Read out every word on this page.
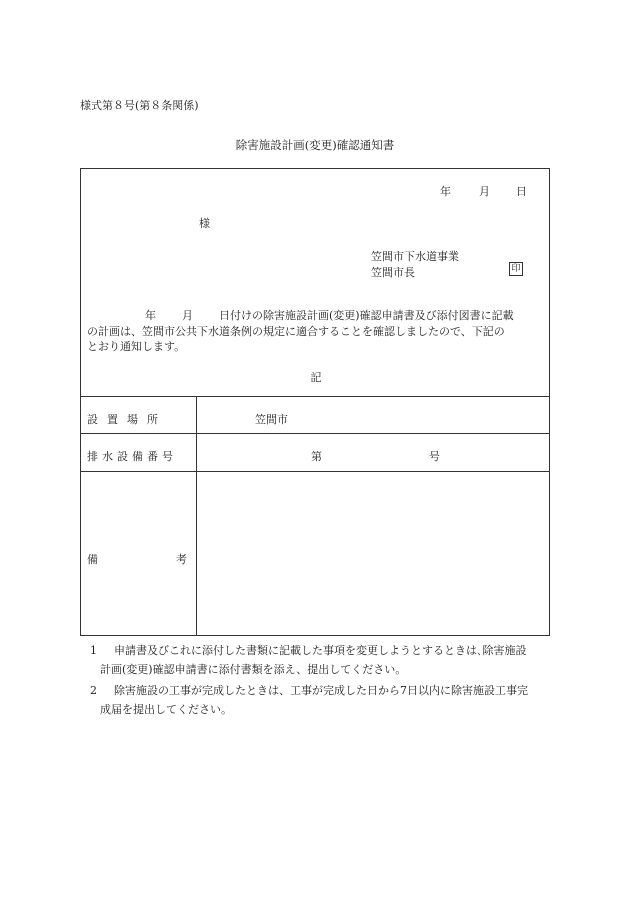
様式第８号(第８条関係)
除害施設計画(変更)確認通知書
年	月 日
様
笠間市下水道事業
笠間市長	印
年 月 日付けの除害施設計画(変更)確認申請書及び添付図書に記載
の計画は、笠間市公共下水道条例の規定に適合することを確認しましたので、下記の
とおり通知します。
記
設置場所	笠間市
排水設備番号	第	号
備	考
1	申請書及びこれに添付した書類に記載した事項を変更しようとするときは､除害施設
計画(変更)確認申請書に添付書類を添え、提出してください。
2	除害施設の工事が完成したときは、工事が完成した日から7日以内に除害施設工事完
成届を提出してください。
